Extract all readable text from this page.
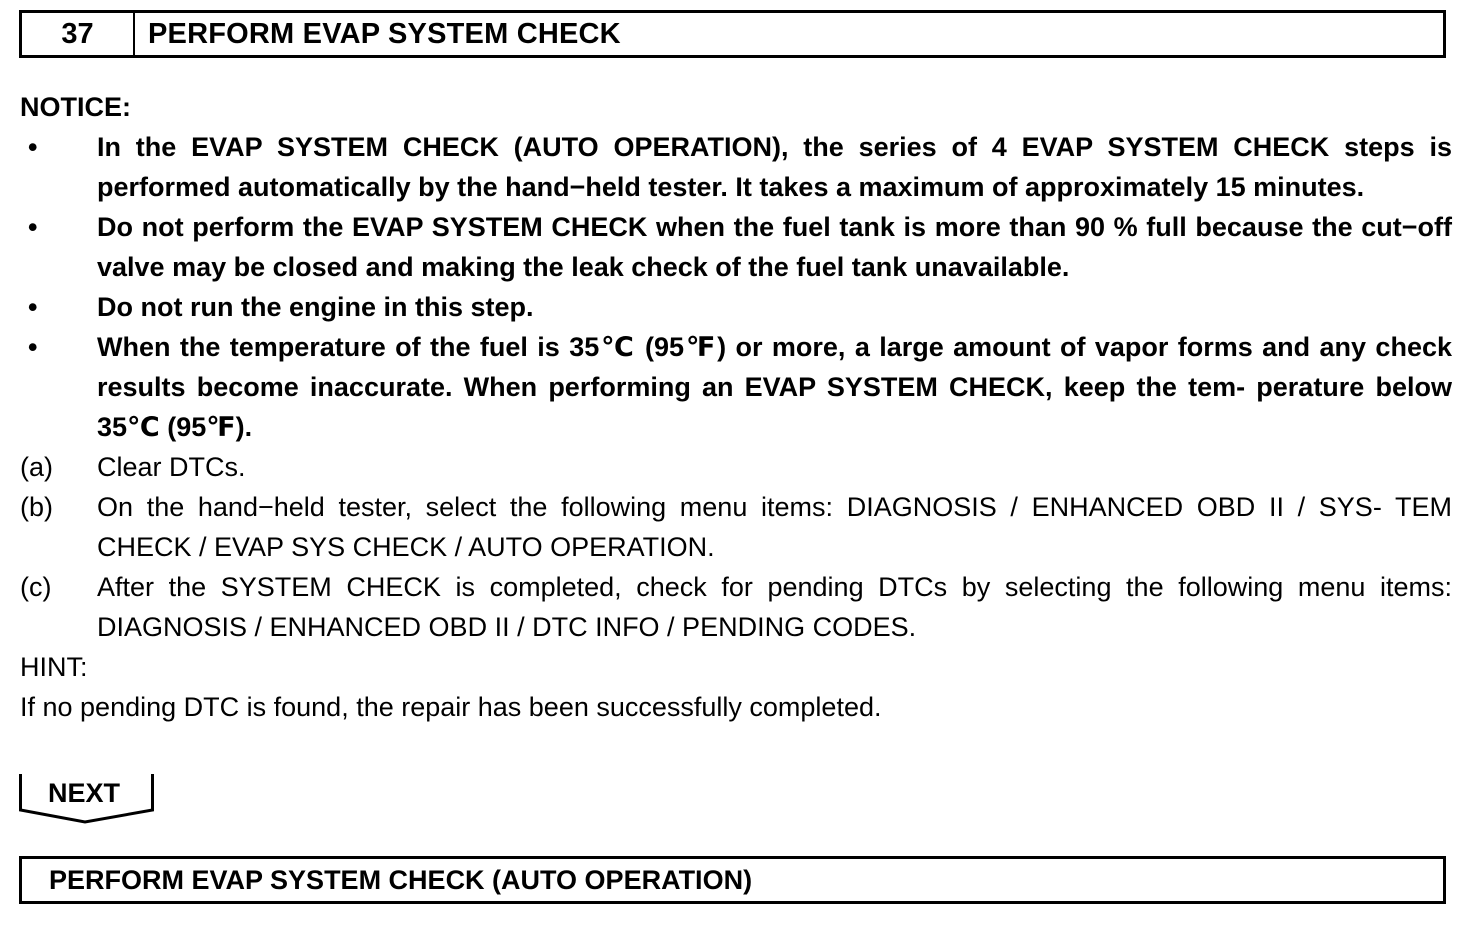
37	PERFORM EVAP SYSTEM CHECK
NOTICE:
•	In the EVAP SYSTEM CHECK (AUTO OPERATION), the series of 4 EVAP SYSTEM CHECK steps is performed automatically by the hand−held tester. It takes a maximum of approximately 15 minutes.
•	Do not perform the EVAP SYSTEM CHECK when the fuel tank is more than 90 % full because the cut−off valve may be closed and making the leak check of the fuel tank unavailable.
•	Do not run the engine in this step.
•	When the temperature of the fuel is 35℃ (95℉) or more, a large amount of vapor forms and any check results become inaccurate. When performing an EVAP SYSTEM CHECK, keep the tem- perature below 35℃ (95℉).
(a)	Clear DTCs.
(b)	On the hand−held tester, select the following menu items: DIAGNOSIS / ENHANCED OBD II / SYS- TEM CHECK / EVAP SYS CHECK / AUTO OPERATION.
(c)	After the SYSTEM CHECK is completed, check for pending DTCs by selecting the following menu items: DIAGNOSIS / ENHANCED OBD II / DTC INFO / PENDING CODES.
HINT:
If no pending DTC is found, the repair has been successfully completed.
NEXT
PERFORM EVAP SYSTEM CHECK (AUTO OPERATION)
